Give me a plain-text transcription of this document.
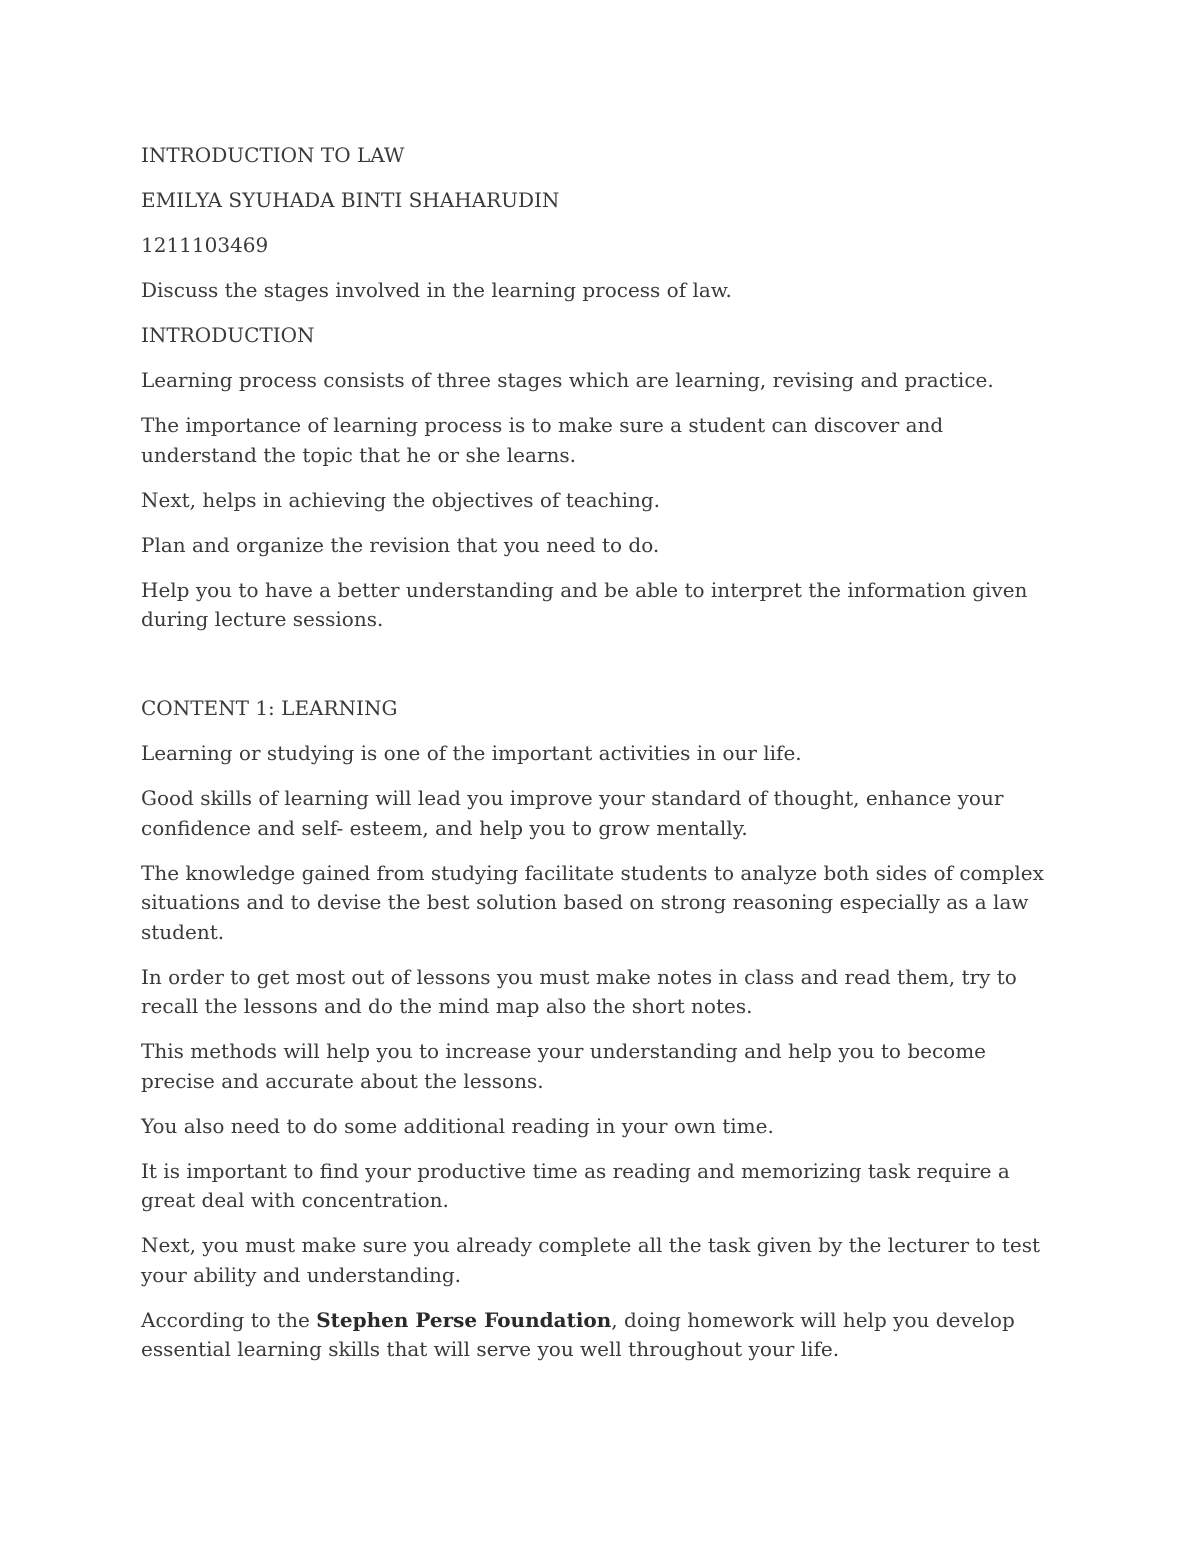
INTRODUCTION TO LAW

EMILYA SYUHADA BINTI SHAHARUDIN

1211103469

Discuss the stages involved in the learning process of law.

INTRODUCTION

Learning process consists of three stages which are learning, revising and practice.

The importance of learning process is to make sure a student can discover and understand the topic that he or she learns.

Next, helps in achieving the objectives of teaching.

Plan and organize the revision that you need to do.

Help you to have a better understanding and be able to interpret the information given during lecture sessions.

CONTENT 1: LEARNING

Learning or studying is one of the important activities in our life.

Good skills of learning will lead you improve your standard of thought, enhance your confidence and self- esteem, and help you to grow mentally.

The knowledge gained from studying facilitate students to analyze both sides of complex situations and to devise the best solution based on strong reasoning especially as a law student.

In order to get most out of lessons you must make notes in class and read them, try to recall the lessons and do the mind map also the short notes.

This methods will help you to increase your understanding and help you to become precise and accurate about the lessons.

You also need to do some additional reading in your own time.

It is important to find your productive time as reading and memorizing task require a great deal with concentration.

Next, you must make sure you already complete all the task given by the lecturer to test your ability and understanding.

According to the Stephen Perse Foundation, doing homework will help you develop essential learning skills that will serve you well throughout your life.
